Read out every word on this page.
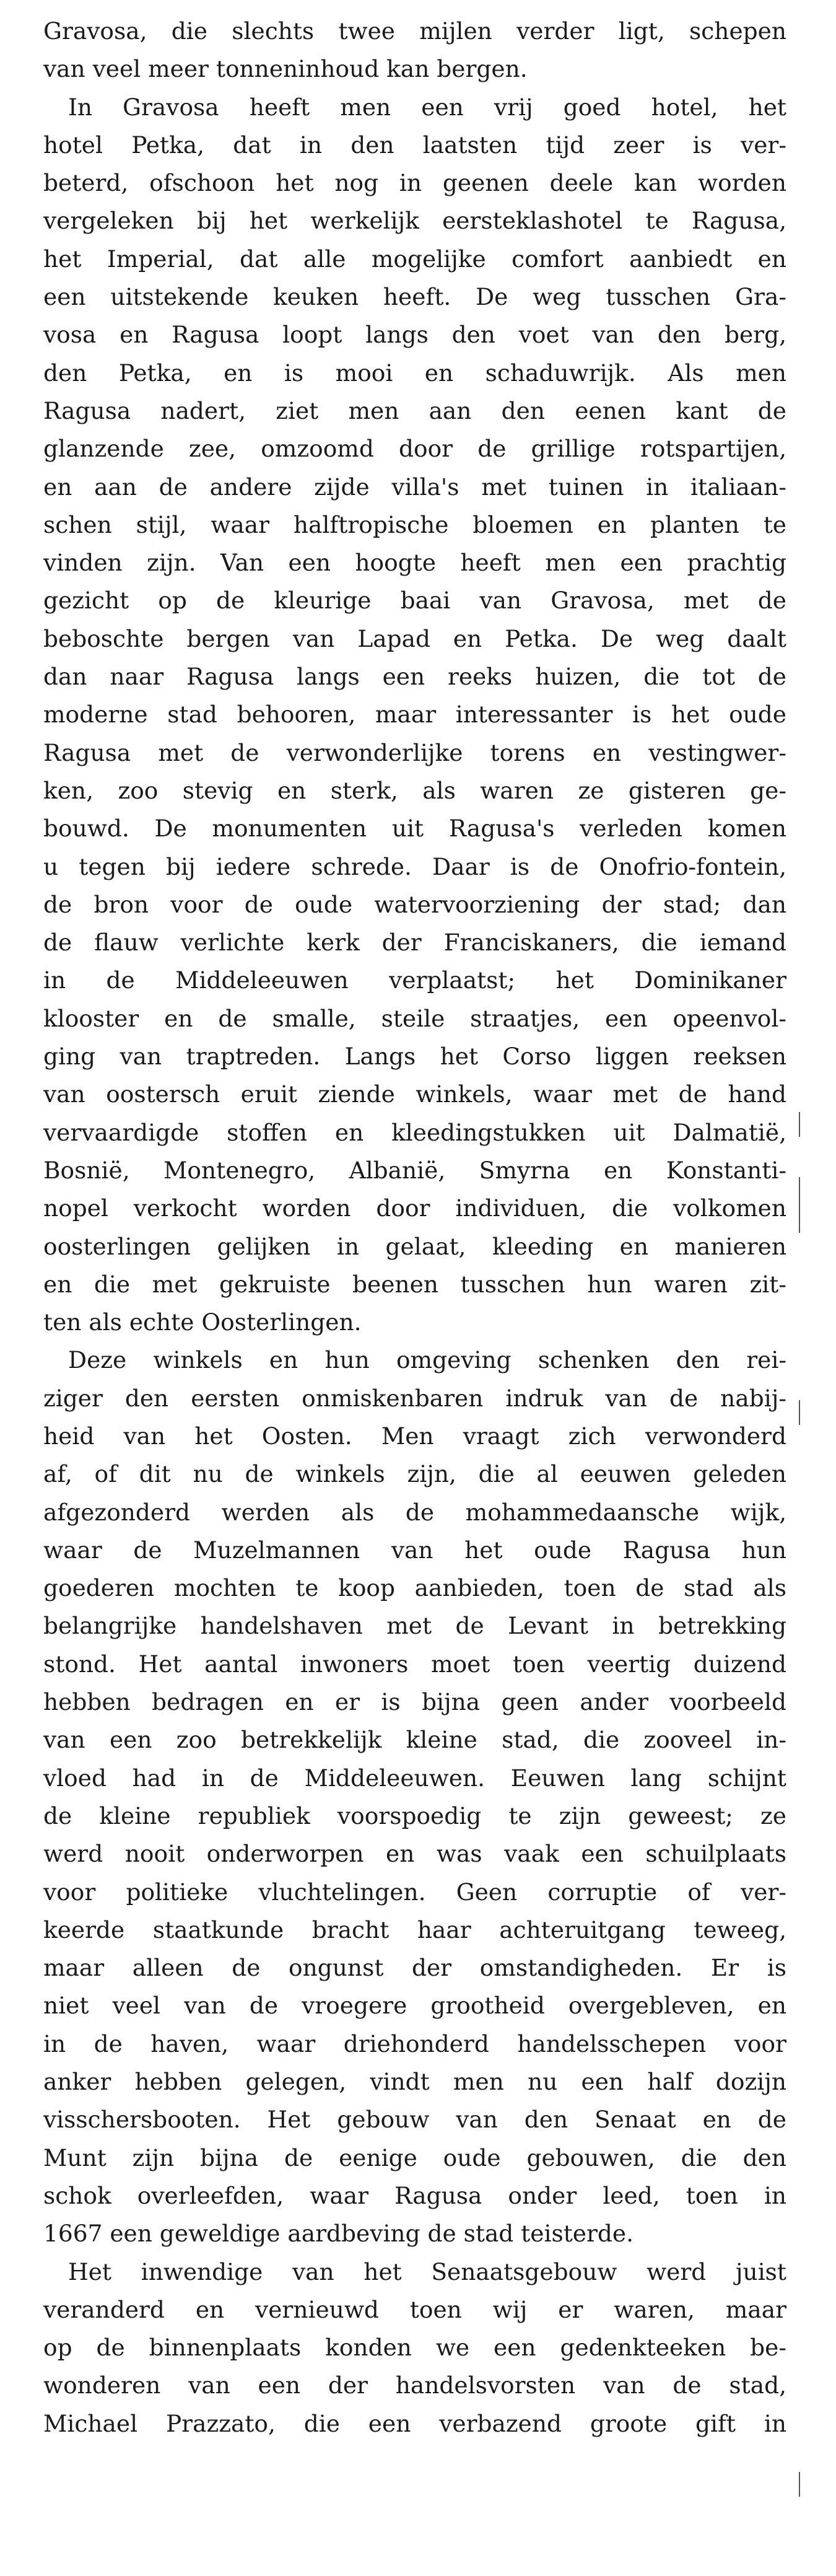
Gravosa, die slechts twee mijlen verder ligt, schepen
van veel meer tonneninhoud kan bergen.
In Gravosa heeft men een vrij goed hotel, het
hotel Petka, dat in den laatsten tijd zeer is ver-
beterd, ofschoon het nog in geenen deele kan worden
vergeleken bij het werkelijk eersteklashotel te Ragusa,
het Imperial, dat alle mogelijke comfort aanbiedt en
een uitstekende keuken heeft. De weg tusschen Gra-
vosa en Ragusa loopt langs den voet van den berg,
den Petka, en is mooi en schaduwrijk. Als men
Ragusa nadert, ziet men aan den eenen kant de
glanzende zee, omzoomd door de grillige rotspartijen,
en aan de andere zijde villa's met tuinen in italiaan-
schen stijl, waar halftropische bloemen en planten te
vinden zijn. Van een hoogte heeft men een prachtig
gezicht op de kleurige baai van Gravosa, met de
beboschte bergen van Lapad en Petka. De weg daalt
dan naar Ragusa langs een reeks huizen, die tot de
moderne stad behooren, maar interessanter is het oude
Ragusa met de verwonderlijke torens en vestingwer-
ken, zoo stevig en sterk, als waren ze gisteren ge-
bouwd. De monumenten uit Ragusa's verleden komen
u tegen bij iedere schrede. Daar is de Onofrio-fontein,
de bron voor de oude watervoorziening der stad; dan
de flauw verlichte kerk der Franciskaners, die iemand
in de Middeleeuwen verplaatst; het Dominikaner
klooster en de smalle, steile straatjes, een opeenvol-
ging van traptreden. Langs het Corso liggen reeksen
van oostersch eruit ziende winkels, waar met de hand
vervaardigde stoffen en kleedingstukken uit Dalmatië,
Bosnië, Montenegro, Albanië, Smyrna en Konstanti-
nopel verkocht worden door individuen, die volkomen
oosterlingen gelijken in gelaat, kleeding en manieren
en die met gekruiste beenen tusschen hun waren zit-
ten als echte Oosterlingen.
Deze winkels en hun omgeving schenken den rei-
ziger den eersten onmiskenbaren indruk van de nabij-
heid van het Oosten. Men vraagt zich verwonderd
af, of dit nu de winkels zijn, die al eeuwen geleden
afgezonderd werden als de mohammedaansche wijk,
waar de Muzelmannen van het oude Ragusa hun
goederen mochten te koop aanbieden, toen de stad als
belangrijke handelshaven met de Levant in betrekking
stond. Het aantal inwoners moet toen veertig duizend
hebben bedragen en er is bijna geen ander voorbeeld
van een zoo betrekkelijk kleine stad, die zooveel in-
vloed had in de Middeleeuwen. Eeuwen lang schijnt
de kleine republiek voorspoedig te zijn geweest; ze
werd nooit onderworpen en was vaak een schuilplaats
voor politieke vluchtelingen. Geen corruptie of ver-
keerde staatkunde bracht haar achteruitgang teweeg,
maar alleen de ongunst der omstandigheden. Er is
niet veel van de vroegere grootheid overgebleven, en
in de haven, waar driehonderd handelsschepen voor
anker hebben gelegen, vindt men nu een half dozijn
visschersbooten. Het gebouw van den Senaat en de
Munt zijn bijna de eenige oude gebouwen, die den
schok overleefden, waar Ragusa onder leed, toen in
1667 een geweldige aardbeving de stad teisterde.
Het inwendige van het Senaatsgebouw werd juist
veranderd en vernieuwd toen wij er waren, maar
op de binnenplaats konden we een gedenkteeken be-
wonderen van een der handelsvorsten van de stad,
Michael Prazzato, die een verbazend groote gift in
